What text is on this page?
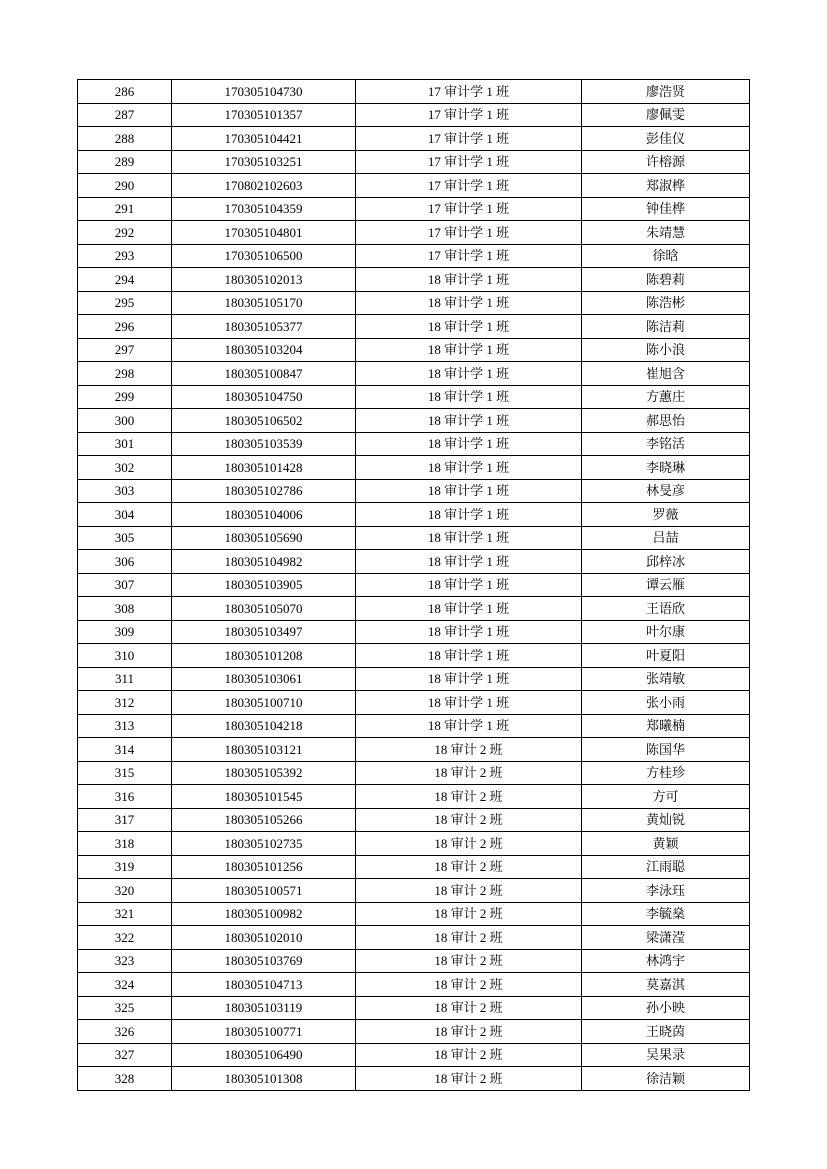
286	170305104730	17 审计学 1 班	廖浩贤
287	170305101357	17 审计学 1 班	廖佩雯
288	170305104421	17 审计学 1 班	彭佳仪
289	170305103251	17 审计学 1 班	许榕源
290	170802102603	17 审计学 1 班	郑淑桦
291	170305104359	17 审计学 1 班	钟佳桦
292	170305104801	17 审计学 1 班	朱靖慧
293	170305106500	17 审计学 1 班	徐晗
294	180305102013	18 审计学 1 班	陈碧莉
295	180305105170	18 审计学 1 班	陈浩彬
296	180305105377	18 审计学 1 班	陈洁莉
297	180305103204	18 审计学 1 班	陈小浪
298	180305100847	18 审计学 1 班	崔旭含
299	180305104750	18 审计学 1 班	方蕙庄
300	180305106502	18 审计学 1 班	郝思怡
301	180305103539	18 审计学 1 班	李铭活
302	180305101428	18 审计学 1 班	李晓琳
303	180305102786	18 审计学 1 班	林旻彦
304	180305104006	18 审计学 1 班	罗薇
305	180305105690	18 审计学 1 班	吕喆
306	180305104982	18 审计学 1 班	邱梓冰
307	180305103905	18 审计学 1 班	谭云雁
308	180305105070	18 审计学 1 班	王语欣
309	180305103497	18 审计学 1 班	叶尔康
310	180305101208	18 审计学 1 班	叶夏阳
311	180305103061	18 审计学 1 班	张靖敏
312	180305100710	18 审计学 1 班	张小雨
313	180305104218	18 审计学 1 班	郑曦楠
314	180305103121	18 审计 2 班	陈国华
315	180305105392	18 审计 2 班	方桂珍
316	180305101545	18 审计 2 班	方可
317	180305105266	18 审计 2 班	黄灿锐
318	180305102735	18 审计 2 班	黄颖
319	180305101256	18 审计 2 班	江雨聪
320	180305100571	18 审计 2 班	李泳珏
321	180305100982	18 审计 2 班	李毓燊
322	180305102010	18 审计 2 班	梁潇滢
323	180305103769	18 审计 2 班	林鸿宇
324	180305104713	18 审计 2 班	莫嘉淇
325	180305103119	18 审计 2 班	孙小映
326	180305100771	18 审计 2 班	王晓茵
327	180305106490	18 审计 2 班	吴果录
328	180305101308	18 审计 2 班	徐洁颖
